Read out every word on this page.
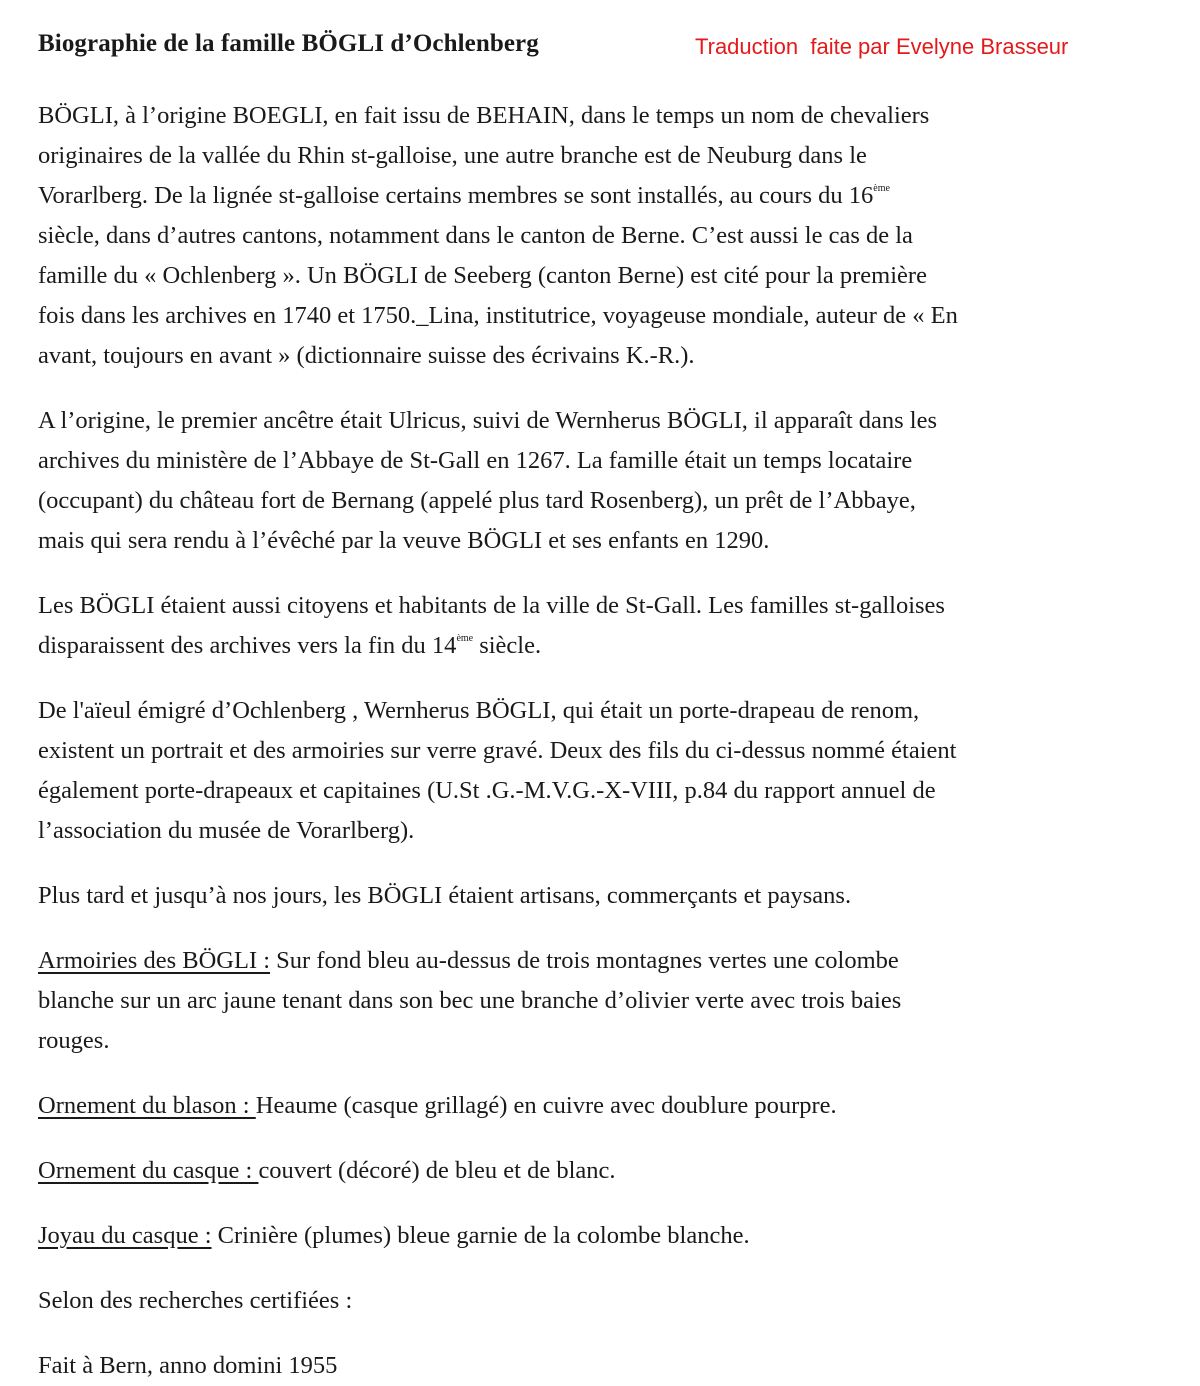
Biographie de la famille BÖGLI d’Ochlenberg	Traduction  faite par Evelyne Brasseur

BÖGLI, à l’origine BOEGLI, en fait issu de BEHAIN, dans le temps un nom de chevaliers
originaires de la vallée du Rhin st-galloise, une autre branche est de Neuburg dans le
Vorarlberg. De la lignée st-galloise certains membres se sont installés, au cours du 16ème
siècle, dans d’autres cantons, notamment dans le canton de Berne. C’est aussi le cas de la
famille du « Ochlenberg ». Un BÖGLI de Seeberg (canton Berne) est cité pour la première
fois dans les archives en 1740 et 1750._Lina, institutrice, voyageuse mondiale, auteur de « En
avant, toujours en avant » (dictionnaire suisse des écrivains K.-R.).

A l’origine, le premier ancêtre était Ulricus, suivi de Wernherus BÖGLI, il apparaît dans les
archives du ministère de l’Abbaye de St-Gall en 1267. La famille était un temps locataire
(occupant) du château fort de Bernang (appelé plus tard Rosenberg), un prêt de l’Abbaye,
mais qui sera rendu à l’évêché par la veuve BÖGLI et ses enfants en 1290.

Les BÖGLI étaient aussi citoyens et habitants de la ville de St-Gall. Les familles st-galloises
disparaissent des archives vers la fin du 14ème siècle.

De l'aïeul émigré d’Ochlenberg , Wernherus BÖGLI, qui était un porte-drapeau de renom,
existent un portrait et des armoiries sur verre gravé. Deux des fils du ci-dessus nommé étaient
également porte-drapeaux et capitaines (U.St .G.-M.V.G.-X-VIII, p.84 du rapport annuel de
l’association du musée de Vorarlberg).

Plus tard et jusqu’à nos jours, les BÖGLI étaient artisans, commerçants et paysans.

Armoiries des BÖGLI : Sur fond bleu au-dessus de trois montagnes vertes une colombe
blanche sur un arc jaune tenant dans son bec une branche d’olivier verte avec trois baies
rouges.

Ornement du blason : Heaume (casque grillagé) en cuivre avec doublure pourpre.

Ornement du casque : couvert (décoré) de bleu et de blanc.

Joyau du casque : Crinière (plumes) bleue garnie de la colombe blanche.

Selon des recherches certifiées :

Fait à Bern, anno domini 1955
